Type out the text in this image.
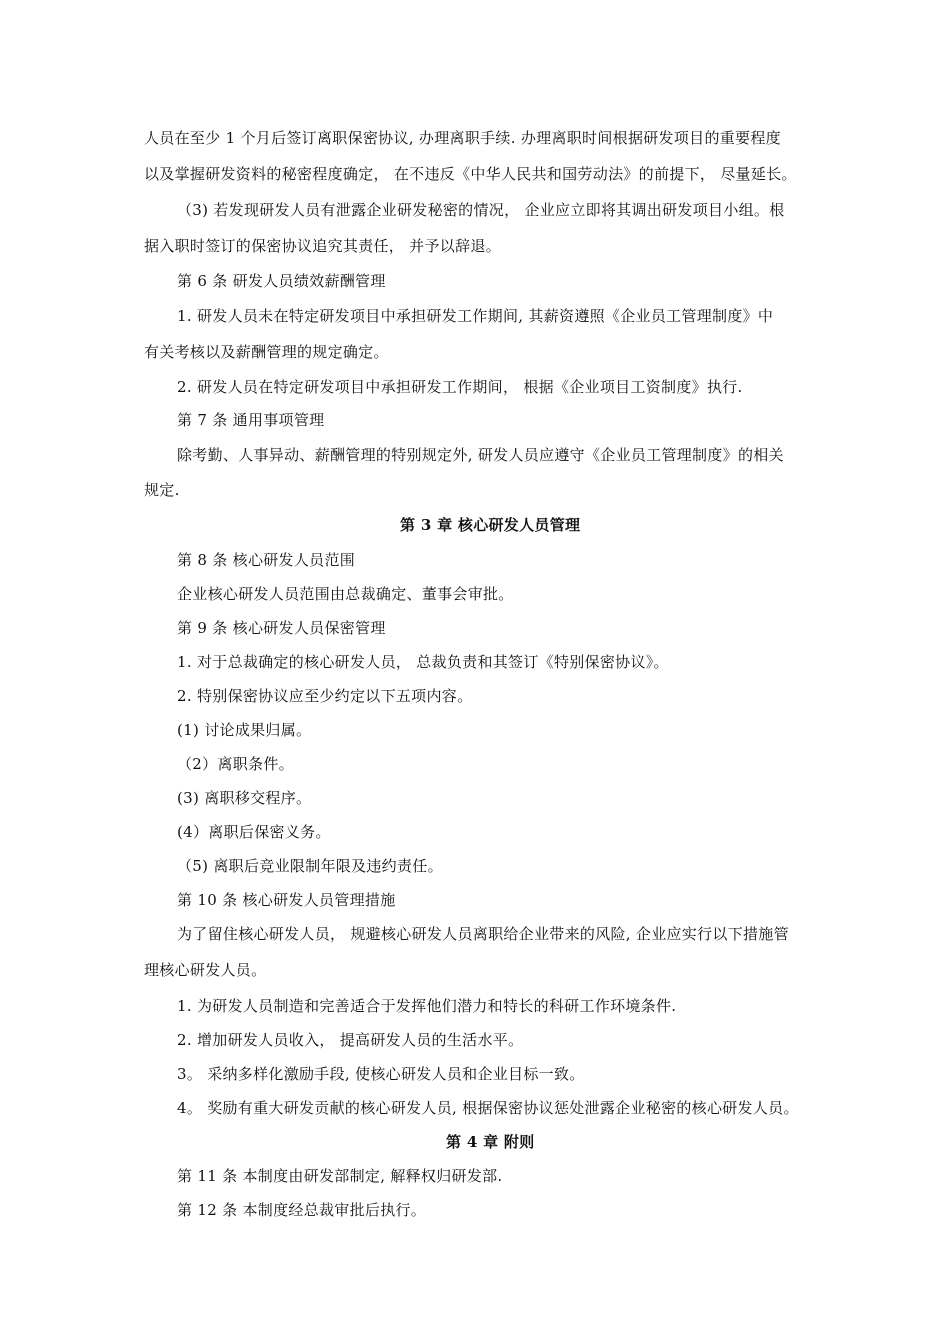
人员在至少 1 个月后签订离职保密协议, 办理离职手续. 办理离职时间根据研发项目的重要程度
以及掌握研发资料的秘密程度确定， 在不违反《中华人民共和国劳动法》的前提下， 尽量延长。
（3) 若发现研发人员有泄露企业研发秘密的情况， 企业应立即将其调出研发项目小组。根
据入职时签订的保密协议追究其责任， 并予以辞退。
第 6 条 研发人员绩效薪酬管理
1. 研发人员未在特定研发项目中承担研发工作期间, 其薪资遵照《企业员工管理制度》中
有关考核以及薪酬管理的规定确定。
2. 研发人员在特定研发项目中承担研发工作期间， 根据《企业项目工资制度》执行.
第 7 条 通用事项管理
除考勤、人事异动、薪酬管理的特别规定外, 研发人员应遵守《企业员工管理制度》的相关
规定.
第 3 章 核心研发人员管理
第 8 条 核心研发人员范围
企业核心研发人员范围由总裁确定、董事会审批。
第 9 条 核心研发人员保密管理
1. 对于总裁确定的核心研发人员， 总裁负责和其签订《特别保密协议》。
2. 特别保密协议应至少约定以下五项内容。
(1) 讨论成果归属。
（2）离职条件。
(3) 离职移交程序。
(4）离职后保密义务。
（5) 离职后竞业限制年限及违约责任。
第 10 条 核心研发人员管理措施
为了留住核心研发人员， 规避核心研发人员离职给企业带来的风险, 企业应实行以下措施管
理核心研发人员。
1. 为研发人员制造和完善适合于发挥他们潜力和特长的科研工作环境条件.
2. 增加研发人员收入， 提高研发人员的生活水平。
3。 采纳多样化激励手段, 使核心研发人员和企业目标一致。
4。 奖励有重大研发贡献的核心研发人员, 根据保密协议惩处泄露企业秘密的核心研发人员。
第 4 章 附则
第 11 条 本制度由研发部制定, 解释权归研发部.
第 12 条 本制度经总裁审批后执行。
